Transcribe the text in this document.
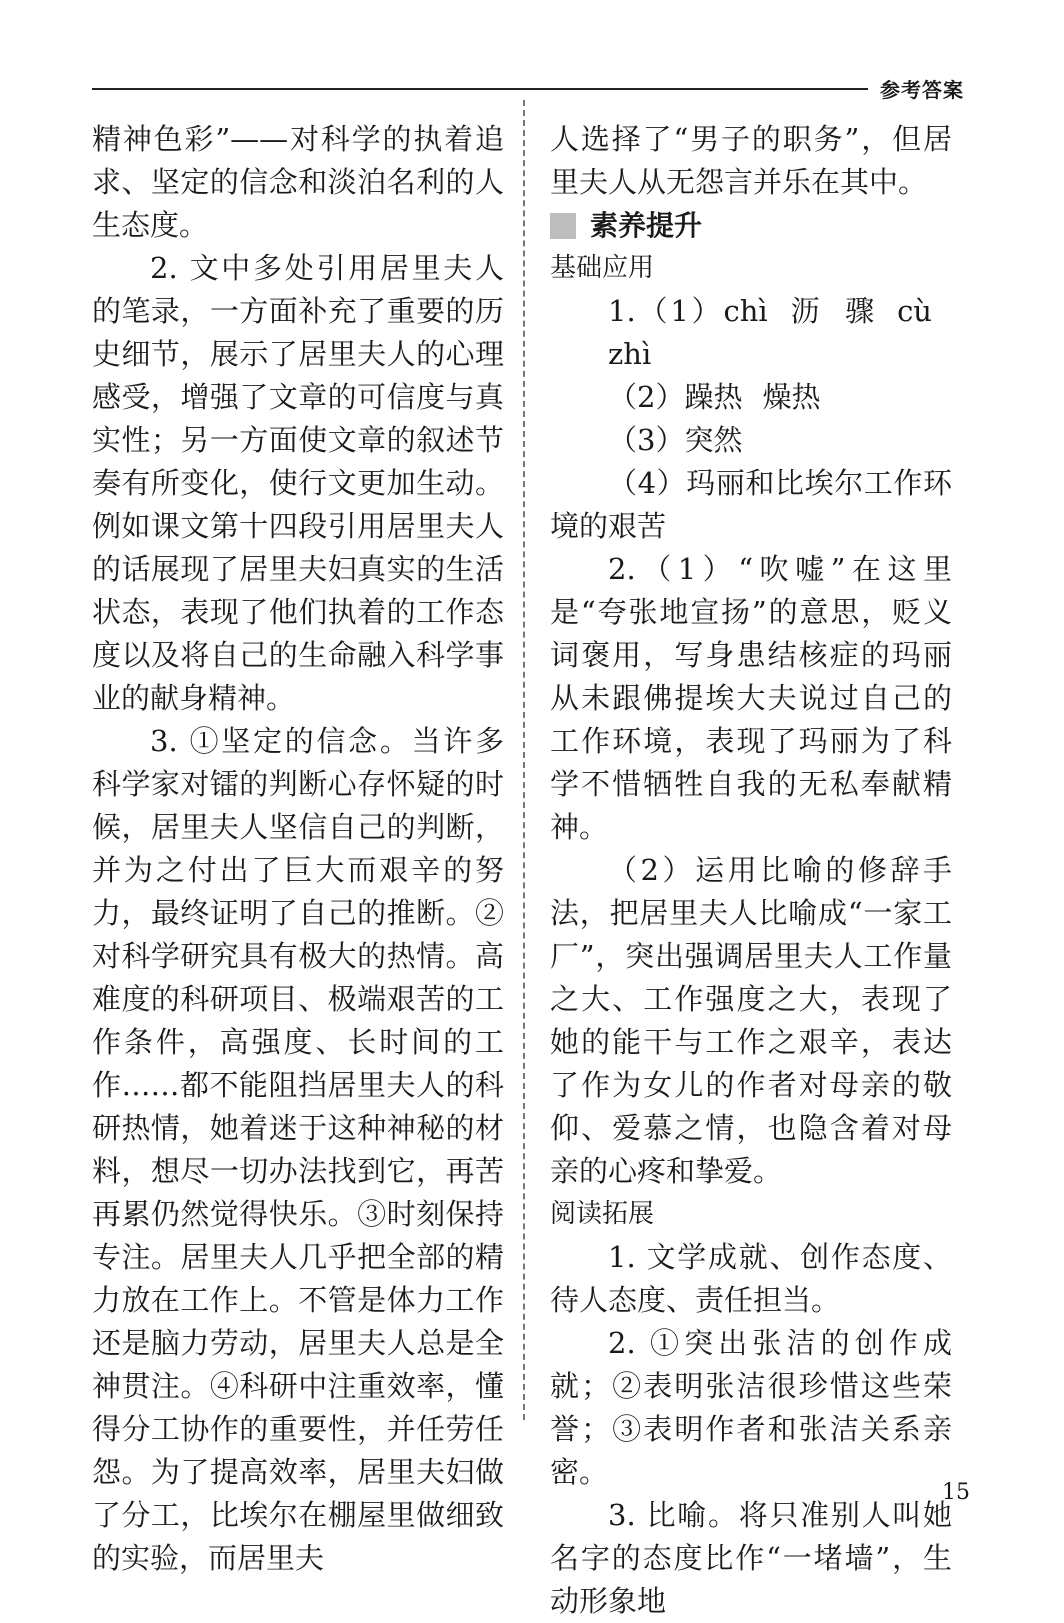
参考答案

精神色彩”——对科学的执着追求、坚定的信念和淡泊名利的人生态度。

2. 文中多处引用居里夫人的笔录，一方面补充了重要的历史细节，展示了居里夫人的心理感受，增强了文章的可信度与真实性；另一方面使文章的叙述节奏有所变化，使行文更加生动。例如课文第十四段引用居里夫人的话展现了居里夫妇真实的生活状态，表现了他们执着的工作态度以及将自己的生命融入科学事业的献身精神。

3. ①坚定的信念。当许多科学家对镭的判断心存怀疑的时候，居里夫人坚信自己的判断，并为之付出了巨大而艰辛的努力，最终证明了自己的推断。②对科学研究具有极大的热情。高难度的科研项目、极端艰苦的工作条件，高强度、长时间的工作……都不能阻挡居里夫人的科研热情，她着迷于这种神秘的材料，想尽一切办法找到它，再苦再累仍然觉得快乐。③时刻保持专注。居里夫人几乎把全部的精力放在工作上。不管是体力工作还是脑力劳动，居里夫人总是全神贯注。④科研中注重效率，懂得分工协作的重要性，并任劳任怨。为了提高效率，居里夫妇做了分工，比埃尔在棚屋里做细致的实验，而居里夫

人选择了“男子的职务”，但居里夫人从无怨言并乐在其中。

素养提升
基础应用

1.（1）chì 沥 骤 cùzhì

（2）躁热 燥热

（3）突然

（4）玛丽和比埃尔工作环境的艰苦

2.（1）“吹嘘”在这里是“夸张地宣扬”的意思，贬义词褒用，写身患结核症的玛丽从未跟佛提埃大夫说过自己的工作环境，表现了玛丽为了科学不惜牺牲自我的无私奉献精神。

（2）运用比喻的修辞手法，把居里夫人比喻成“一家工厂”，突出强调居里夫人工作量之大、工作强度之大，表现了她的能干与工作之艰辛，表达了作为女儿的作者对母亲的敬仰、爱慕之情，也隐含着对母亲的心疼和挚爱。

阅读拓展

1. 文学成就、创作态度、待人态度、责任担当。

2. ①突出张洁的创作成就；②表明张洁很珍惜这些荣誉；③表明作者和张洁关系亲密。

3. 比喻。将只准别人叫她名字的态度比作“一堵墙”，生动形象地

15
